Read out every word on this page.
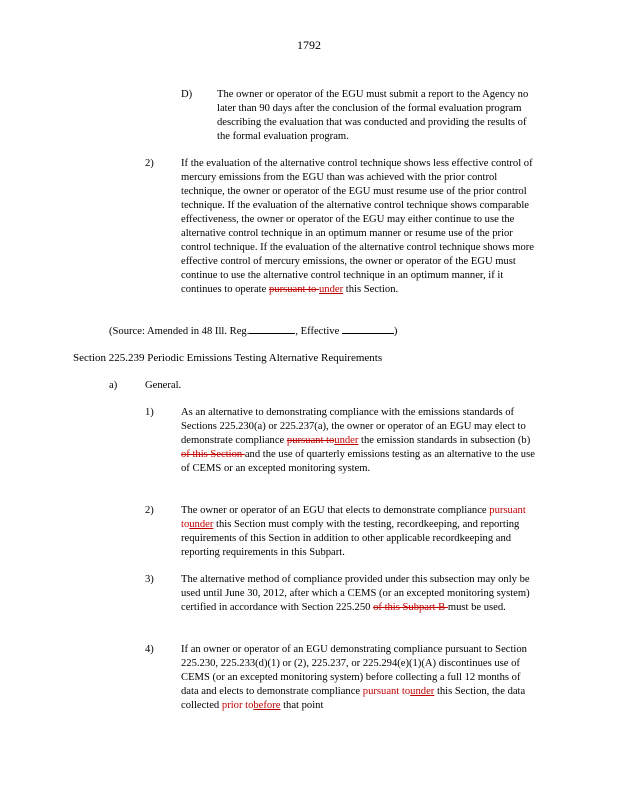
1792
D) The owner or operator of the EGU must submit a report to the Agency no later than 90 days after the conclusion of the formal evaluation program describing the evaluation that was conducted and providing the results of the formal evaluation program.
2)	If the evaluation of the alternative control technique shows less effective control of mercury emissions from the EGU than was achieved with the prior control technique, the owner or operator of the EGU must resume use of the prior control technique. If the evaluation of the alternative control technique shows comparable effectiveness, the owner or operator of the EGU may either continue to use the alternative control technique in an optimum manner or resume use of the prior control technique. If the evaluation of the alternative control technique shows more effective control of mercury emissions, the owner or operator of the EGU must continue to use the alternative control technique in an optimum manner, if it continues to operate pursuant to under this Section.
(Source: Amended in 48 Ill. Reg.	, Effective	)
Section 225.239 Periodic Emissions Testing Alternative Requirements
a)	General.
1)	As an alternative to demonstrating compliance with the emissions standards of Sections 225.230(a) or 225.237(a), the owner or operator of an EGU may elect to demonstrate compliance pursuant tounder the emission standards in subsection (b) of this Section and the use of quarterly emissions testing as an alternative to the use of CEMS or an excepted monitoring system.
2)	The owner or operator of an EGU that elects to demonstrate compliance pursuant tounder this Section must comply with the testing, recordkeeping, and reporting requirements of this Section in addition to other applicable recordkeeping and reporting requirements in this Subpart.
3)	The alternative method of compliance provided under this subsection may only be used until June 30, 2012, after which a CEMS (or an excepted monitoring system) certified in accordance with Section 225.250 of this Subpart B must be used.
4)	If an owner or operator of an EGU demonstrating compliance pursuant to Section 225.230, 225.233(d)(1) or (2), 225.237, or 225.294(e)(1)(A) discontinues use of CEMS (or an excepted monitoring system) before collecting a full 12 months of data and elects to demonstrate compliance pursuant tounder this Section, the data collected prior tobefore that point
